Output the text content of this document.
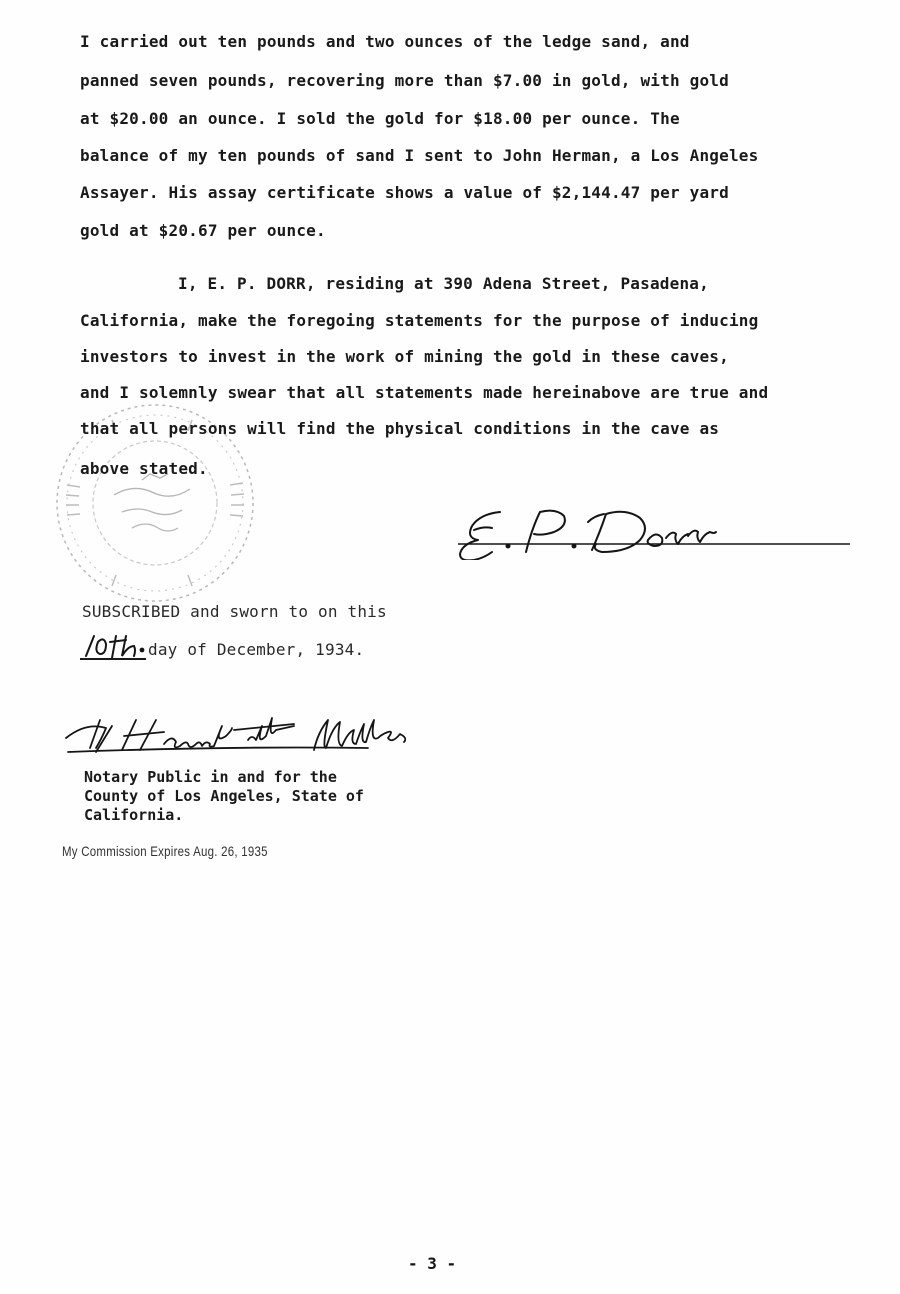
I carried out ten pounds and two ounces of the ledge sand, and
panned seven pounds, recovering more than $7.00 in gold, with gold
at $20.00 an ounce. I sold the gold for $18.00 per ounce. The
balance of my ten pounds of sand I sent to John Herman, a Los Angeles
Assayer. His assay certificate shows a value of $2,144.47 per yard
gold at $20.67 per ounce.
I, E. P. DORR, residing at 390 Adena Street, Pasadena,
California, make the foregoing statements for the purpose of inducing
investors to invest in the work of mining the gold in these caves,
and I solemnly swear that all statements made hereinabove are true and
that all persons will find the physical conditions in the cave as
above stated.
SUBSCRIBED and sworn to on this
day of December, 1934.
Notary Public in and for the
County of Los Angeles, State of
California.
My Commission Expires Aug. 26, 1935
- 3 -
